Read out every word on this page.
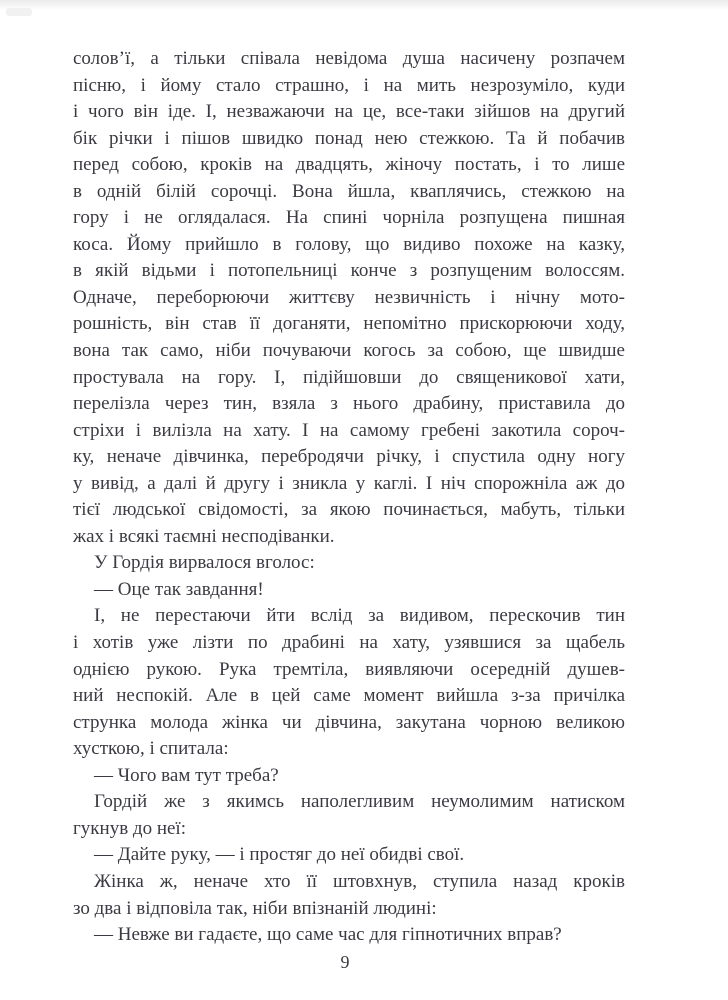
солов’ї, а тільки співала невідома душа насичену розпачем
пісню, і йому стало страшно, і на мить незрозуміло, куди
і чого він іде. І, незважаючи на це, все-таки зійшов на другий
бік річки і пішов швидко понад нею стежкою. Та й побачив
перед собою, кроків на двадцять, жіночу постать, і то лише
в одній білій сорочці. Вона йшла, кваплячись, стежкою на
гору і не оглядалася. На спині чорніла розпущена пишная
коса. Йому прийшло в голову, що видиво похоже на казку,
в якій відьми і потопельниці конче з розпущеним волоссям.
Одначе, переборюючи життєву незвичність і нічну мото-
рошність, він став її доганяти, непомітно прискорюючи ходу,
вона так само, ніби почуваючи когось за собою, ще швидше
простувала на гору. І, підійшовши до священикової хати,
перелізла через тин, взяла з нього драбину, приставила до
стріхи і вилізла на хату. І на самому гребені закотила сороч-
ку, неначе дівчинка, перебродячи річку, і спустила одну ногу
у вивід, а далі й другу і зникла у каглі. І ніч спорожніла аж до
тієї людської свідомості, за якою починається, мабуть, тільки
жах і всякі таємні несподіванки.
У Гордія вирвалося вголос:
— Оце так завдання!
І, не перестаючи йти вслід за видивом, перескочив тин
і хотів уже лізти по драбині на хату, узявшися за щабель
однією рукою. Рука тремтіла, виявляючи осередній душев-
ний неспокій. Але в цей саме момент вийшла з-за причілка
струнка молода жінка чи дівчина, закутана чорною великою
хусткою, і спитала:
— Чого вам тут треба?
Гордій же з якимсь наполегливим неумолимим натиском
гукнув до неї:
— Дайте руку, — і простяг до неї обидві свої.
Жінка ж, неначе хто її штовхнув, ступила назад кроків
зо два і відповіла так, ніби впізнаній людині:
— Невже ви гадаєте, що саме час для гіпнотичних вправ?
9
